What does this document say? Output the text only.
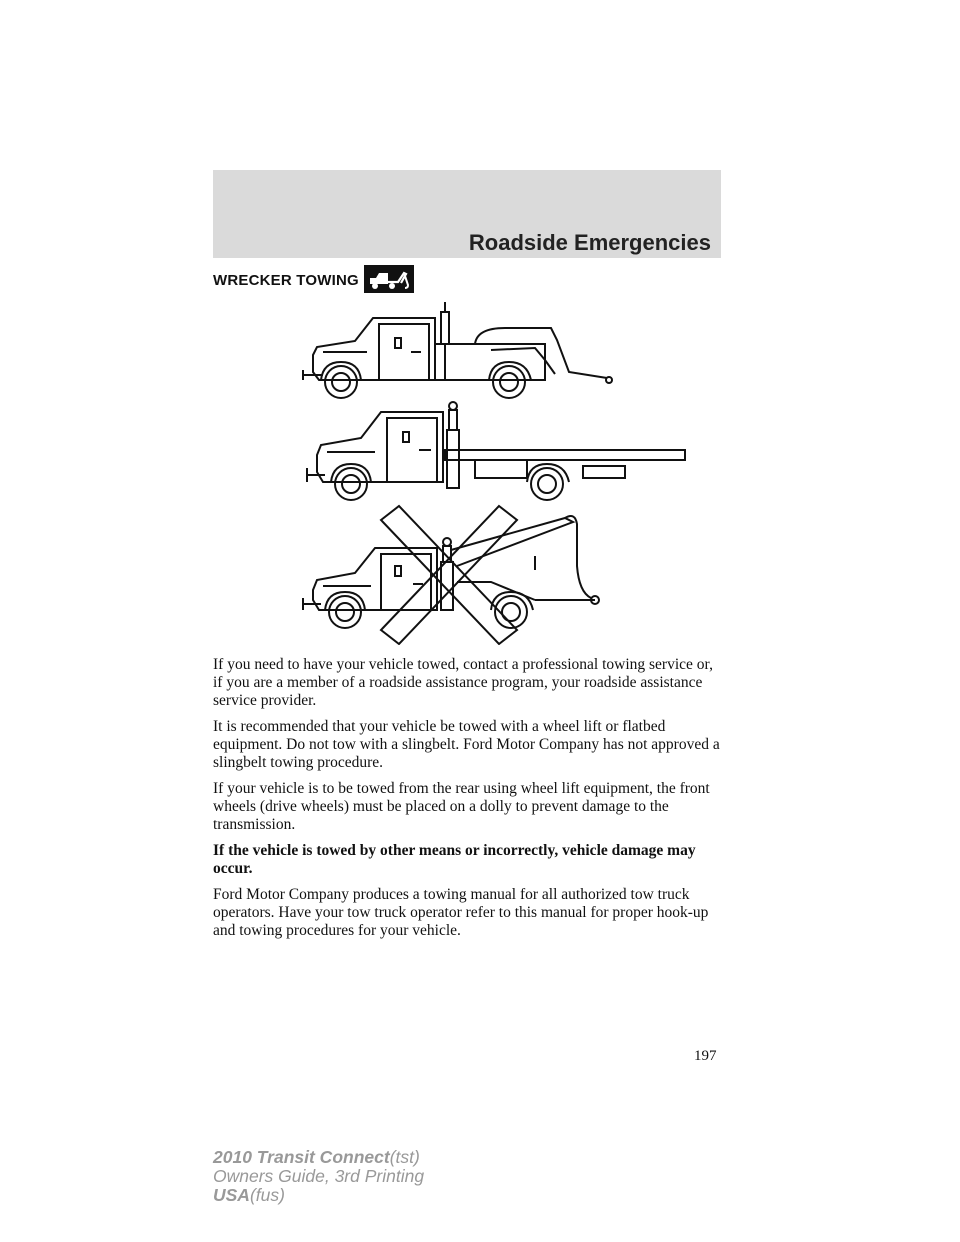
Roadside Emergencies
WRECKER TOWING

If you need to have your vehicle towed, contact a professional towing service or, if you are a member of a roadside assistance program, your roadside assistance service provider.

It is recommended that your vehicle be towed with a wheel lift or flatbed equipment. Do not tow with a slingbelt. Ford Motor Company has not approved a slingbelt towing procedure.

If your vehicle is to be towed from the rear using wheel lift equipment, the front wheels (drive wheels) must be placed on a dolly to prevent damage to the transmission.

If the vehicle is towed by other means or incorrectly, vehicle damage may occur.

Ford Motor Company produces a towing manual for all authorized tow truck operators. Have your tow truck operator refer to this manual for proper hook-up and towing procedures for your vehicle.

197
2010 Transit Connect(tst)
Owners Guide, 3rd Printing
USA(fus)
